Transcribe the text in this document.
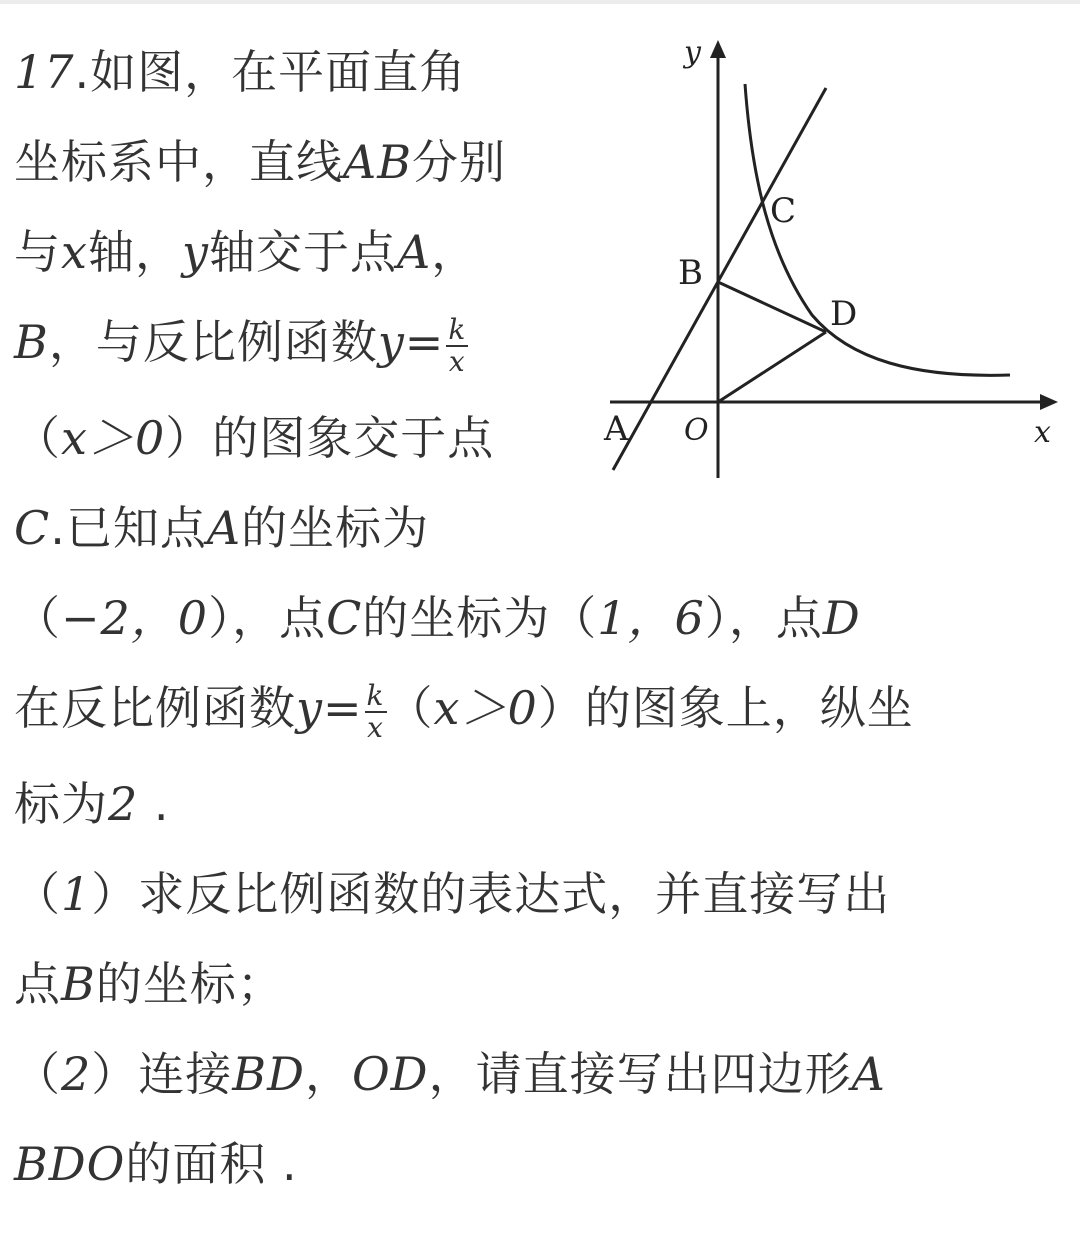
17.如图，在平面直角
坐标系中，直线AB分别
与x轴，y轴交于点A，
B，与反比例函数$y= \frac{k}{x}$
（x＞0）的图象交于点
C.已知点A的坐标为
（−2，0），点C的坐标为（1，6），点D
在反比例函数$y= \frac{k}{x} (x>0)$的图象上，纵坐
标为2 .
（1）求反比例函数的表达式，并直接写出
点B的坐标；
（2）连接BD，OD，请直接写出四边形A
BDO的面积 .
y
x
O
A
B
C
D
